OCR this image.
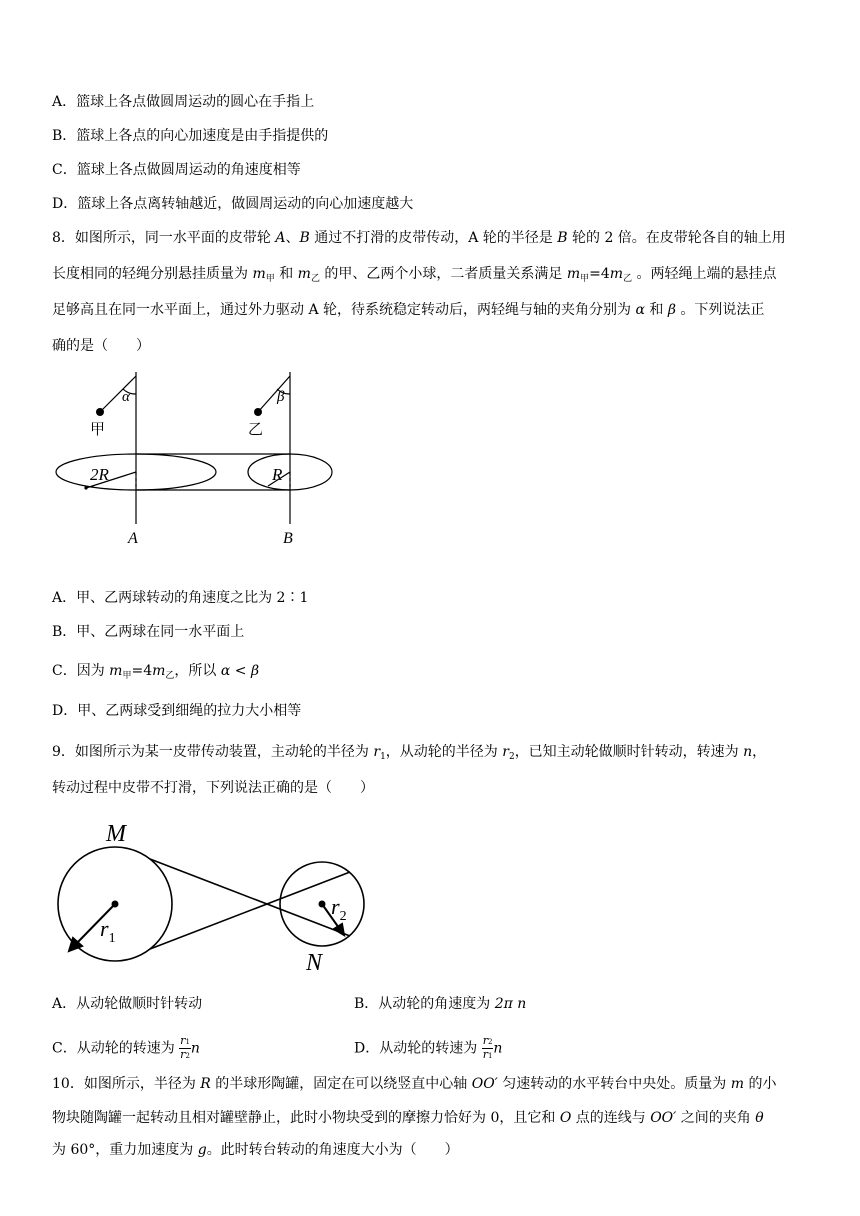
A．篮球上各点做圆周运动的圆心在手指上
B．篮球上各点的向心加速度是由手指提供的
C．篮球上各点做圆周运动的角速度相等
D．篮球上各点离转轴越近，做圆周运动的向心加速度越大
8．如图所示，同一水平面的皮带轮 A、B 通过不打滑的皮带传动，A 轮的半径是 B 轮的 2 倍。在皮带轮各自的轴上用
长度相同的轻绳分别悬挂质量为 $m_甲$ 和 $m_乙$ 的甲、乙两个小球，二者质量关系满足 $m_甲=4m_乙$ 。两轻绳上端的悬挂点
足够高且在同一水平面上，通过外力驱动 A 轮，待系统稳定转动后，两轻绳与轴的夹角分别为 α 和 β 。下列说法正
确的是（　　）
α	β
甲	乙
2R	R
A	B
A．甲、乙两球转动的角速度之比为 2∶1
B．甲、乙两球在同一水平面上
C．因为 $m_甲=4m_乙$，所以 α < β
D．甲、乙两球受到细绳的拉力大小相等
9．如图所示为某一皮带传动装置，主动轮的半径为 $r_1$，从动轮的半径为 $r_2$，已知主动轮做顺时针转动，转速为 n，
转动过程中皮带不打滑，下列说法正确的是（　　）
M
N
$r_1$
$r_2$
A．从动轮做顺时针转动	B．从动轮的角速度为 2π n
C．从动轮的转速为 $\frac{r1}{r2}$ n	D．从动轮的转速为 $\frac{r2}{r1}$ n
10．如图所示，半径为 R 的半球形陶罐，固定在可以绕竖直中心轴 OO′ 匀速转动的水平转台中央处。质量为 m 的小
物块随陶罐一起转动且相对罐壁静止，此时小物块受到的摩擦力恰好为 0，且它和 O 点的连线与 OO′ 之间的夹角 θ
为 60°，重力加速度为 g。此时转台转动的角速度大小为（　　）
